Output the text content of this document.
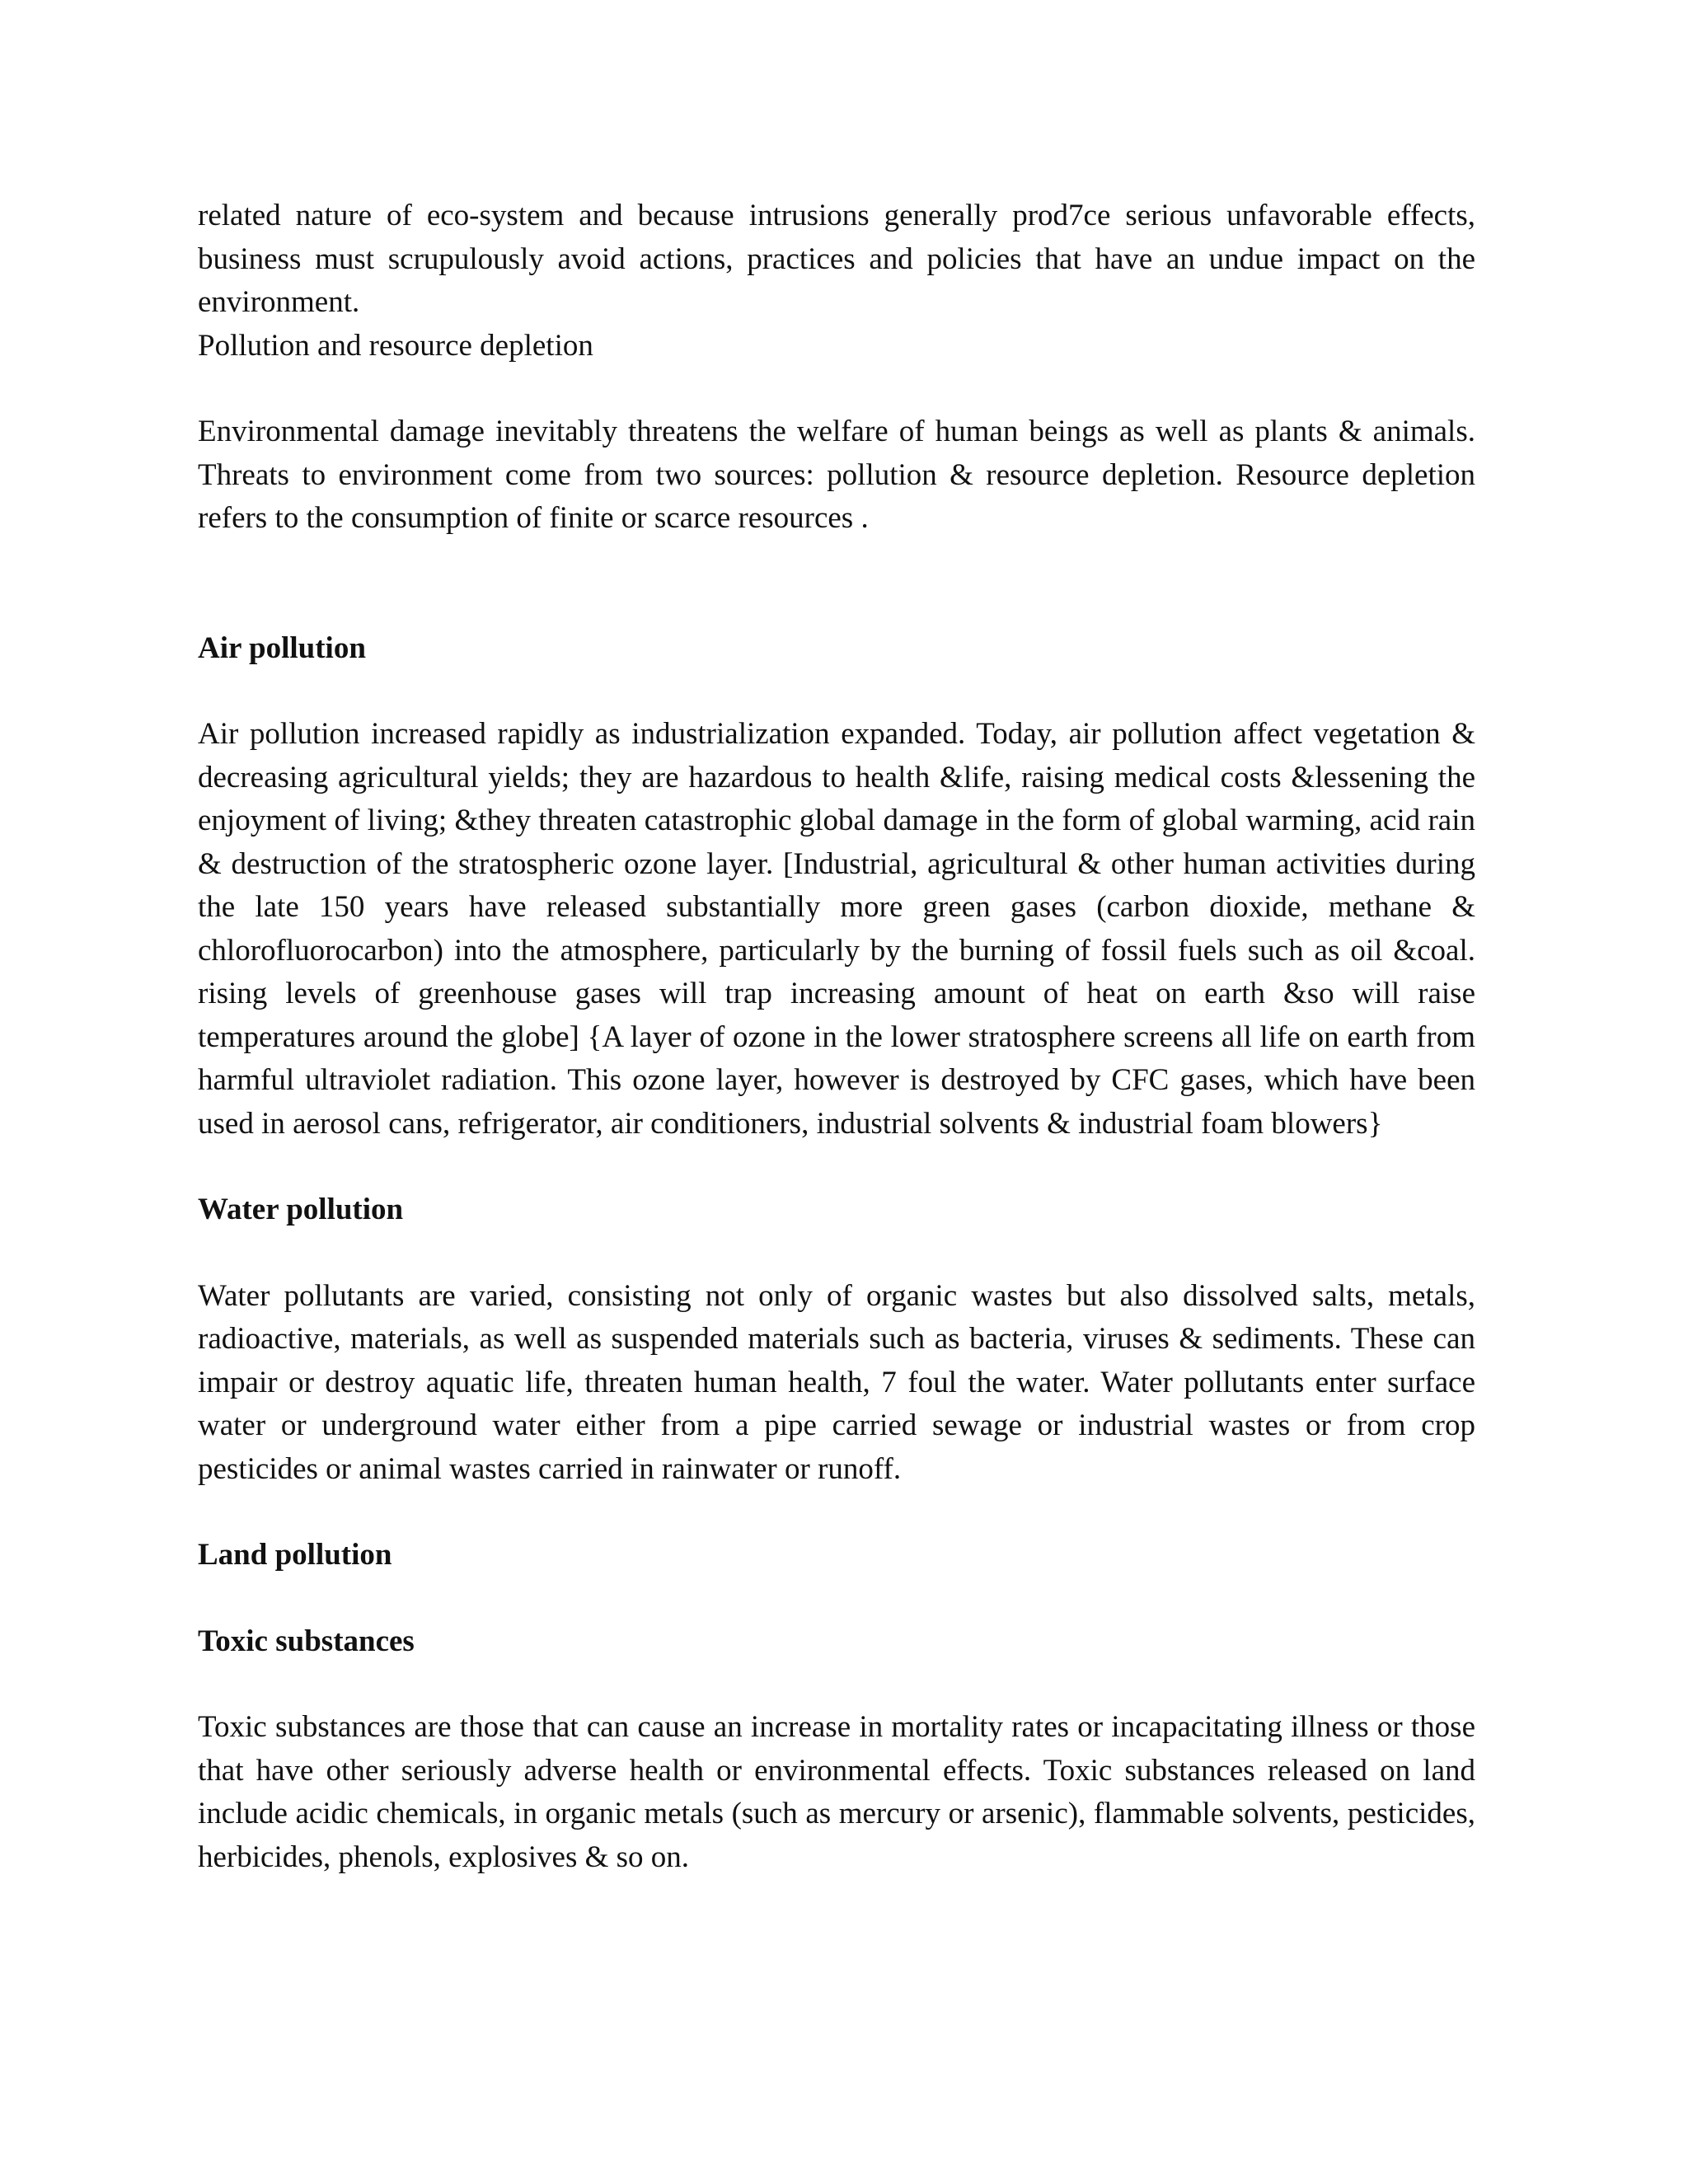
related nature of eco-system and because intrusions generally prod7ce serious unfavorable effects, business must scrupulously avoid actions, practices and policies that have an undue impact on the environment.

Pollution and resource depletion

Environmental damage inevitably threatens the welfare of human beings as well as plants & animals. Threats to environment come from two sources: pollution & resource depletion. Resource depletion refers to the consumption of finite or scarce resources .

Air pollution

Air pollution increased rapidly as industrialization expanded. Today, air pollution affect vegetation & decreasing agricultural yields; they are hazardous to health &life, raising medical costs &lessening the enjoyment of living; &they threaten catastrophic global damage in the form of global warming, acid rain & destruction of the stratospheric ozone layer. [Industrial, agricultural & other human activities during the late 150 years have released substantially more green gases (carbon dioxide, methane & chlorofluorocarbon) into the atmosphere, particularly by the burning of fossil fuels such as oil &coal. rising levels of greenhouse gases will trap increasing amount of heat on earth &so will raise temperatures around the globe] {A layer of ozone in the lower stratosphere screens all life on earth from harmful ultraviolet radiation. This ozone layer, however is destroyed by CFC gases, which have been used in aerosol cans, refrigerator, air conditioners, industrial solvents & industrial foam blowers}

Water pollution

Water pollutants are varied, consisting not only of organic wastes but also dissolved salts, metals, radioactive, materials, as well as suspended materials such as bacteria, viruses & sediments. These can impair or destroy aquatic life, threaten human health, 7 foul the water. Water pollutants enter surface water or underground water either from a pipe carried sewage or industrial wastes or from crop pesticides or animal wastes carried in rainwater or runoff.

Land pollution
Toxic substances

Toxic substances are those that can cause an increase in mortality rates or incapacitating illness or those that have other seriously adverse health or environmental effects. Toxic substances released on land include acidic chemicals, in organic metals (such as mercury or arsenic), flammable solvents, pesticides, herbicides, phenols, explosives & so on.
